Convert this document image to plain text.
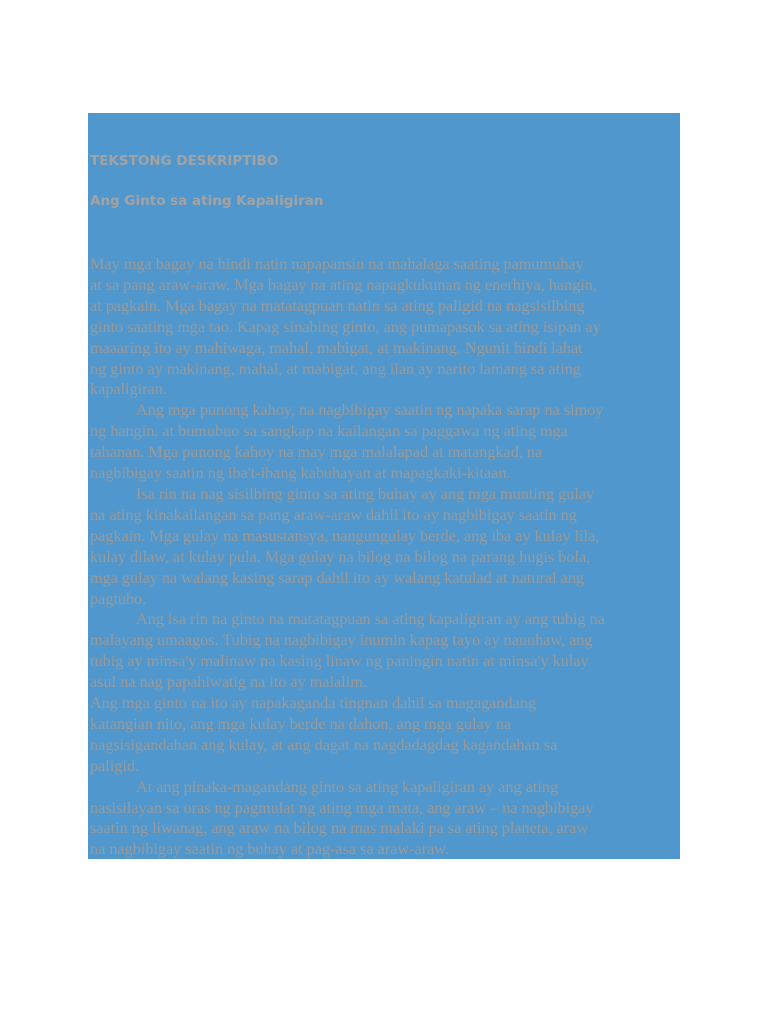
TEKSTONG DESKRIPTIBO
Ang Ginto sa ating Kapaligiran
May mga bagay na hindi natin napapansin na mahalaga saating pamumuhay
at sa pang araw-araw. Mga bagay na ating napagkukunan ng enerhiya, hangin,
at pagkain. Mga bagay na matatagpuan natin sa ating paligid na nagsisilbing
ginto saating mga tao. Kapag sinabing ginto, ang pumapasok sa ating isipan ay
maaaring ito ay mahiwaga, mahal, mabigat, at makinang. Ngunit hindi lahat
ng ginto ay makinang, mahal, at mabigat, ang ilan ay narito lamang sa ating
kapaligiran.
Ang mga punong kahoy, na nagbibigay saatin ng napaka sarap na simoy
ng hangin, at bumubuo sa sangkap na kailangan sa paggawa ng ating mga
tahanan. Mga punong kahoy na may mga malalapad at matangkad, na
nagbibigay saatin ng iba't-ibang kabuhayan at mapagkaki-kitaan.
Isa rin na nag sisilbing ginto sa ating buhay ay ang mga munting gulay
na ating kinakailangan sa pang araw-araw dahil ito ay nagbibigay saatin ng
pagkain. Mga gulay na masustansya, nangungulay berde, ang iba ay kulay lila,
kulay dilaw, at kulay pula. Mga gulay na bilog na bilog na parang hugis bola,
mga gulay na walang kasing sarap dahil ito ay walang katulad at natural ang
pagtubo.
Ang isa rin na ginto na matatagpuan sa ating kapaligiran ay ang tubig na
malayang umaagos. Tubig na nagbibigay inumin kapag tayo ay nauuhaw, ang
tubig ay minsa'y malinaw na kasing linaw ng paningin natin at minsa'y kulay
asul na nag papahiwatig na ito ay malalim.
Ang mga ginto na ito ay napakaganda tingnan dahil sa magagandang
katangian nito, ang mga kulay berde na dahon, ang mga gulay na
nagsisigandahan ang kulay, at ang dagat na nagdadagdag kagandahan sa
paligid.
At ang pinaka-magandang ginto sa ating kapaligiran ay ang ating
nasisilayan sa oras ng pagmulat ng ating mga mata, ang araw – na nagbibigay
saatin ng liwanag, ang araw na bilog na mas malaki pa sa ating planeta, araw
na nagbibigay saatin ng buhay at pag-asa sa araw-araw.
